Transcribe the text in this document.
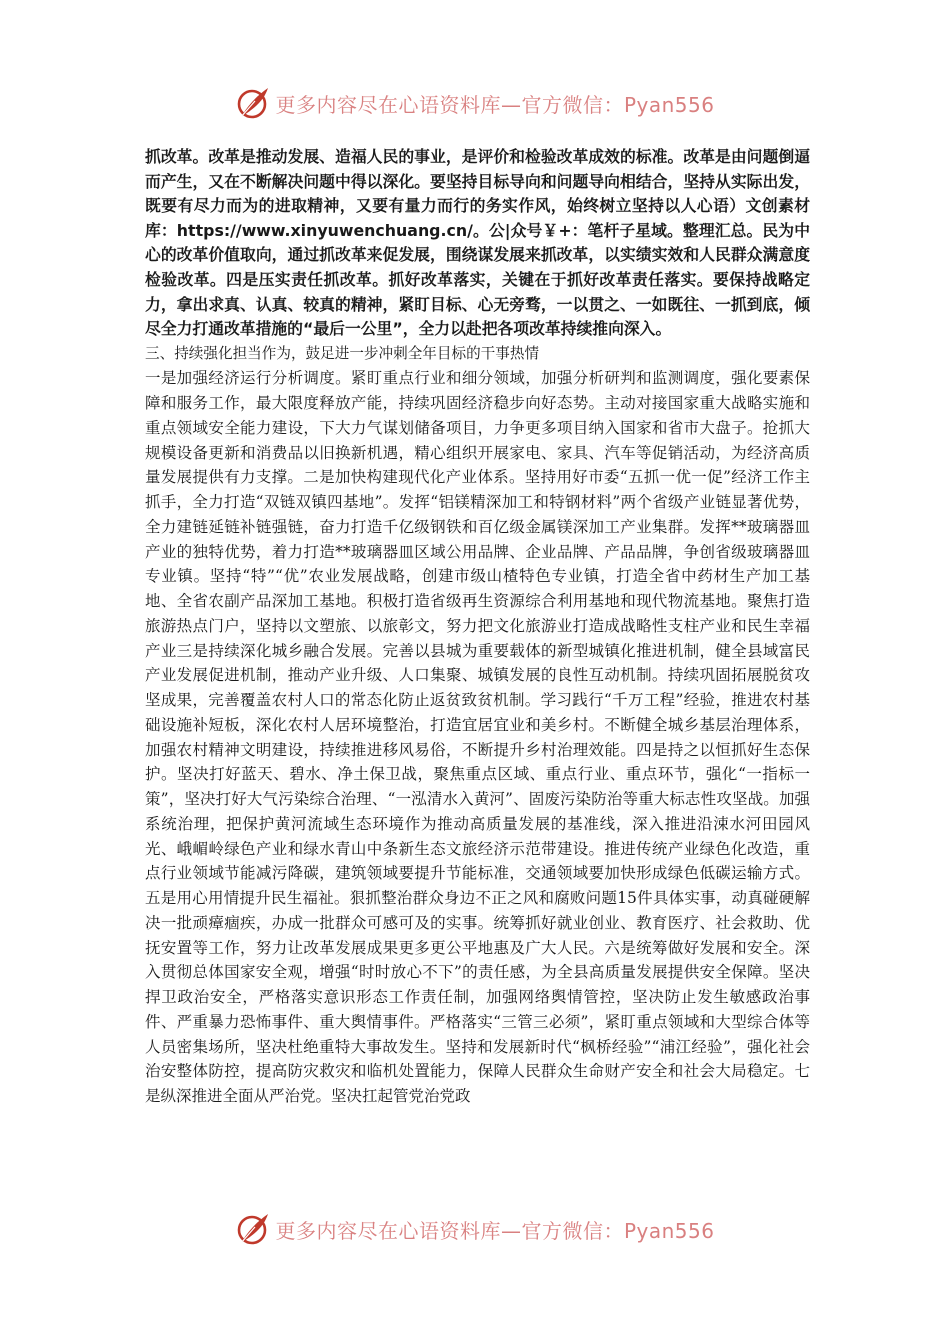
更多内容尽在心语资料库—官方微信：Pyan556

抓改革。改革是推动发展、造福人民的事业，是评价和检验改革成效的标准。改革是由问题倒逼而产生，又在不断解决问题中得以深化。要坚持目标导向和问题导向相结合，坚持从实际出发，既要有尽力而为的进取精神，又要有量力而行的务实作风，始终树立坚持以人心语）文创素材库：https://www.xinyuwenchuang.cn/。公|众号￥+：笔杆子星域。整理汇总。民为中心的改革价值取向，通过抓改革来促发展，围绕谋发展来抓改革，以实绩实效和人民群众满意度检验改革。四是压实责任抓改革。抓好改革落实，关键在于抓好改革责任落实。要保持战略定力，拿出求真、认真、较真的精神，紧盯目标、心无旁骛，一以贯之、一如既往、一抓到底，倾尽全力打通改革措施的“最后一公里”，全力以赴把各项改革持续推向深入。

三、持续强化担当作为，鼓足进一步冲刺全年目标的干事热情

一是加强经济运行分析调度。紧盯重点行业和细分领域，加强分析研判和监测调度，强化要素保障和服务工作，最大限度释放产能，持续巩固经济稳步向好态势。主动对接国家重大战略实施和重点领域安全能力建设，下大力气谋划储备项目，力争更多项目纳入国家和省市大盘子。抢抓大规模设备更新和消费品以旧换新机遇，精心组织开展家电、家具、汽车等促销活动，为经济高质量发展提供有力支撑。二是加快构建现代化产业体系。坚持用好市委“五抓一优一促”经济工作主抓手，全力打造“双链双镇四基地”。发挥“铝镁精深加工和特钢材料”两个省级产业链显著优势，全力建链延链补链强链，奋力打造千亿级钢铁和百亿级金属镁深加工产业集群。发挥**玻璃器皿产业的独特优势，着力打造**玻璃器皿区域公用品牌、企业品牌、产品品牌，争创省级玻璃器皿专业镇。坚持“特”“优”农业发展战略，创建市级山楂特色专业镇，打造全省中药材生产加工基地、全省农副产品深加工基地。积极打造省级再生资源综合利用基地和现代物流基地。聚焦打造旅游热点门户，坚持以文塑旅、以旅彰文，努力把文化旅游业打造成战略性支柱产业和民生幸福产业三是持续深化城乡融合发展。完善以县城为重要载体的新型城镇化推进机制，健全县域富民产业发展促进机制，推动产业升级、人口集聚、城镇发展的良性互动机制。持续巩固拓展脱贫攻坚成果，完善覆盖农村人口的常态化防止返贫致贫机制。学习践行“千万工程”经验，推进农村基础设施补短板，深化农村人居环境整治，打造宜居宜业和美乡村。不断健全城乡基层治理体系，加强农村精神文明建设，持续推进移风易俗，不断提升乡村治理效能。四是持之以恒抓好生态保护。坚决打好蓝天、碧水、净土保卫战，聚焦重点区域、重点行业、重点环节，强化“一指标一策”，坚决打好大气污染综合治理、“一泓清水入黄河”、固废污染防治等重大标志性攻坚战。加强系统治理，把保护黄河流域生态环境作为推动高质量发展的基准线，深入推进沿涑水河田园风光、峨嵋岭绿色产业和绿水青山中条新生态文旅经济示范带建设。推进传统产业绿色化改造，重点行业领域节能减污降碳，建筑领域要提升节能标准，交通领域要加快形成绿色低碳运输方式。五是用心用情提升民生福祉。狠抓整治群众身边不正之风和腐败问题15件具体实事，动真碰硬解决一批顽瘴痼疾，办成一批群众可感可及的实事。统筹抓好就业创业、教育医疗、社会救助、优抚安置等工作，努力让改革发展成果更多更公平地惠及广大人民。六是统筹做好发展和安全。深入贯彻总体国家安全观，增强“时时放心不下”的责任感，为全县高质量发展提供安全保障。坚决捍卫政治安全，严格落实意识形态工作责任制，加强网络舆情管控，坚决防止发生敏感政治事件、严重暴力恐怖事件、重大舆情事件。严格落实“三管三必须”，紧盯重点领域和大型综合体等人员密集场所，坚决杜绝重特大事故发生。坚持和发展新时代“枫桥经验”“浦江经验”，强化社会治安整体防控，提高防灾救灾和临机处置能力，保障人民群众生命财产安全和社会大局稳定。七是纵深推进全面从严治党。坚决扛起管党治党政

更多内容尽在心语资料库—官方微信：Pyan556
